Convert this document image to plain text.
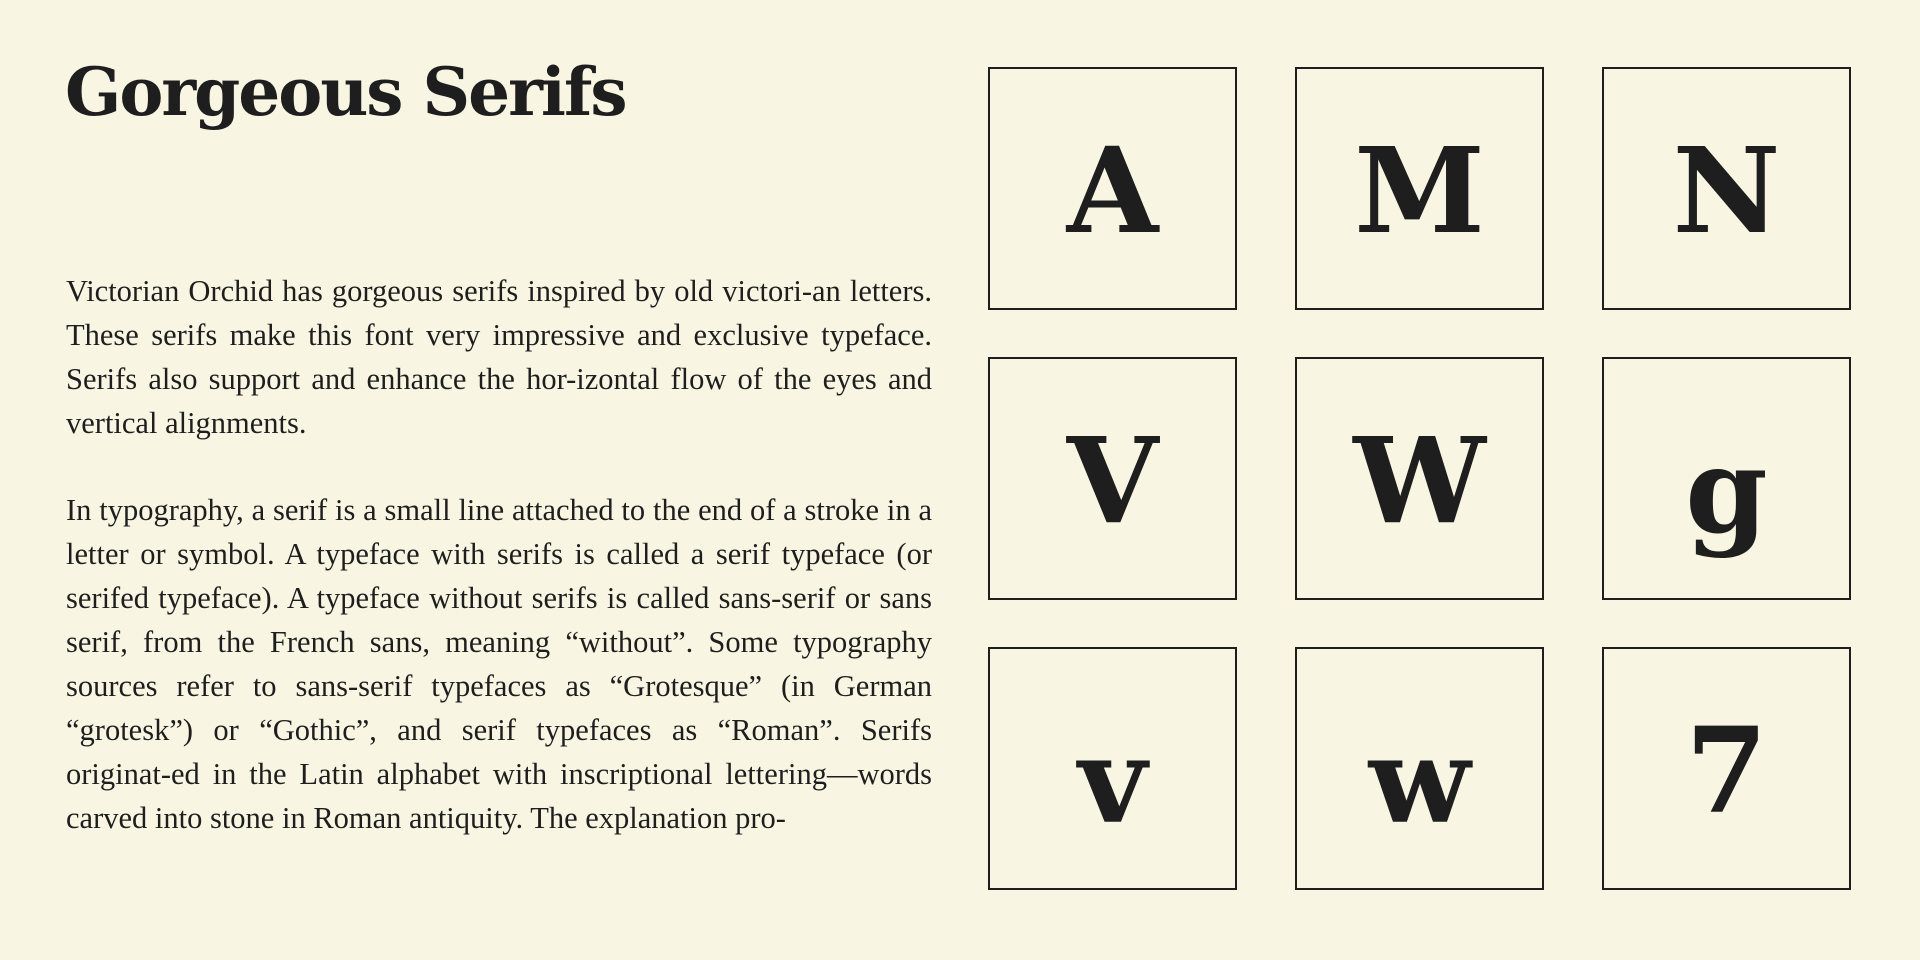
Gorgeous Serifs

Victorian Orchid has gorgeous serifs inspired by old victori-an letters. These serifs make this font very impressive and exclusive typeface. Serifs also support and enhance the hor-izontal flow of the eyes and vertical alignments.

In typography, a serif is a small line attached to the end of a stroke in a letter or symbol. A typeface with serifs is called a serif typeface (or serifed typeface). A typeface without serifs is called sans-serif or sans serif, from the French sans, meaning “without”. Some typography sources refer to sans-serif typefaces as “Grotesque” (in German “grotesk”) or “Gothic”, and serif typefaces as “Roman”. Serifs originat-ed in the Latin alphabet with inscriptional lettering—words carved into stone in Roman antiquity. The explanation pro-

A M N
V W g
v w 7
